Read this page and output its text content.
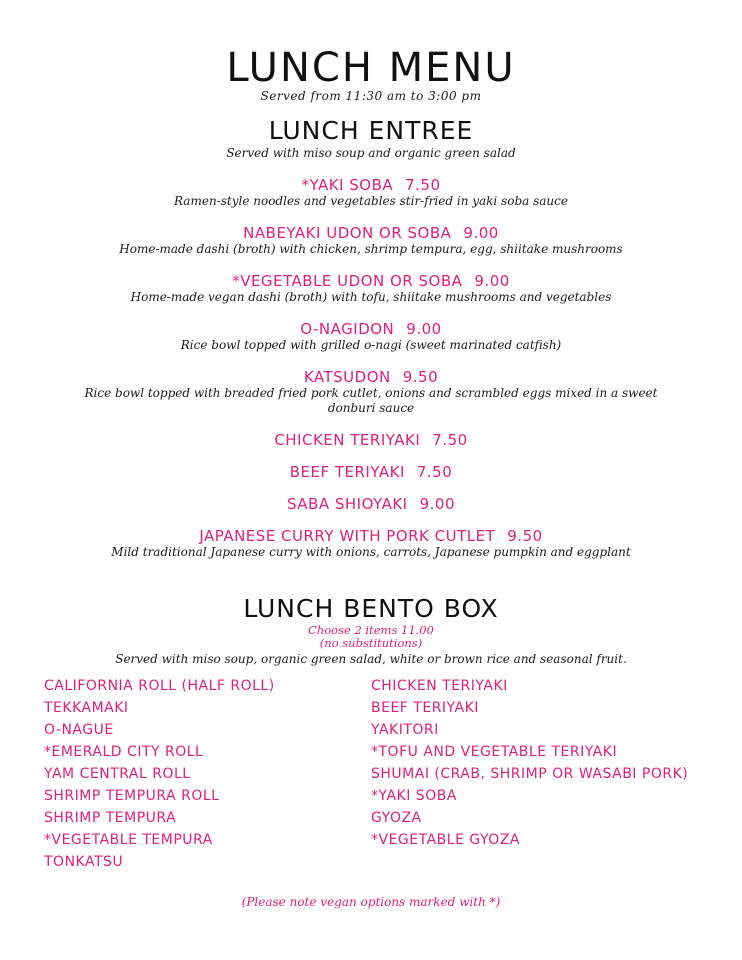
LUNCH MENU
Served from 11:30 am to 3:00 pm
LUNCH ENTREE
Served with miso soup and organic green salad
*YAKI SOBA 7.50
Ramen-style noodles and vegetables stir-fried in yaki soba sauce
NABEYAKI UDON OR SOBA 9.00
Home-made dashi (broth) with chicken, shrimp tempura, egg, shiitake mushrooms
*VEGETABLE UDON OR SOBA 9.00
Home-made vegan dashi (broth) with tofu, shiitake mushrooms and vegetables
O-NAGIDON 9.00
Rice bowl topped with grilled o-nagi (sweet marinated catfish)
KATSUDON 9.50
Rice bowl topped with breaded fried pork cutlet, onions and scrambled eggs mixed in a sweet donburi sauce
CHICKEN TERIYAKI 7.50
BEEF TERIYAKI 7.50
SABA SHIOYAKI 9.00
JAPANESE CURRY WITH PORK CUTLET 9.50
Mild traditional Japanese curry with onions, carrots, Japanese pumpkin and eggplant
LUNCH BENTO BOX
Choose 2 items 11.00
(no substitutions)
Served with miso soup, organic green salad, white or brown rice and seasonal fruit.
CALIFORNIA ROLL (HALF ROLL)
TEKKAMAKI
O-NAGUE
*EMERALD CITY ROLL
YAM CENTRAL ROLL
SHRIMP TEMPURA ROLL
SHRIMP TEMPURA
*VEGETABLE TEMPURA
TONKATSU
CHICKEN TERIYAKI
BEEF TERIYAKI
YAKITORI
*TOFU AND VEGETABLE TERIYAKI
SHUMAI (CRAB, SHRIMP OR WASABI PORK)
*YAKI SOBA
GYOZA
*VEGETABLE GYOZA
(Please note vegan options marked with *)
